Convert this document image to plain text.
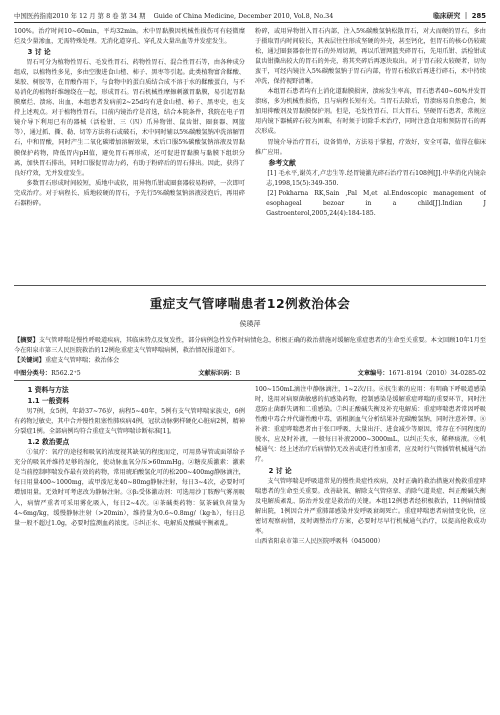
中国医药指南2010 年 12 月 第 8 卷 第 34 期 Guide of China Medicine, December 2010, Vol.8, No.34	临床研究 ｜ 285

100%。治疗时间10~60min，平均32min。术中胃黏膜因机械性损伤可有轻微糜烂及少量渗血，无需特殊处理。无消化道穿孔、穿孔及大量出血等并发症发生。

3 讨 论

胃石可分为植物性胃石、毛发性胃石、药物性胃石、混合性胃石等，由各种成分组成，以植物性多见，多由空腹进食山楂、柿子、黑枣等引起。此类植物富含鞣酸、果胶、树胶等，在胃酸作用下，与食物中的蛋白质结合成不溶于水的鞣酸蛋白，与不易消化的植物纤维缠绕在一起，形成胃石。胃石机械性摩擦刺激胃黏膜，易引起胃黏膜糜烂、溃疡、出血，本组患者发病前2~25d均有进食山楂、柿子、黑枣史，也支持上述观点。对于植物性胃石，目前内镜治疗是首选，结合本院条件，我院在电子胃镜介导下利用已有的器械（活检钳、三（四）爪异物钳、鼠齿钳、圈套器、网篮等），通过抓、撕、勒、切等方法将石或破石，术中同时辅以5%碳酸氢钠冲洗溶解胃石，中和胃酸，同时产生二氧化碳增加溶解效果，术后口服5%碳酸氢钠溶液及胃黏膜保护药物，降低胃内pH值，避免胃石再形成，还可促进胃黏膜与黏膜下组织分离，加快胃石排出，同时口服促胃动力药，有助于粉碎后的胃石排出。因此，获得了良好疗效，无并发症发生。

多数胃石形成时间较短，质地中或软，用异物爪钳或圈套器较易粉碎，一次即可完成治疗。对于病程长、质地较硬的胃石，予先行5%碳酸氢钠溶液浸泡后，再用碎石器粉碎。

粉碎，或用异物钳入胃石内部，注入5%碳酸氢钠松散胃石，对大而硬的胃石，多由于摄取胃内时间较长，其表层往往形成坚硬的外壳，甚至钙化，但胃石的核心仍较疏松，通过圈套器套住胃石的外周切割，再以爪钳网篮夹碎胃石，先用爪钳、活检钳或鼠齿钳撕出较大的胃石的外壳，将其夹碎后再逐块取出。对于胃石较大较硬者，切勿蛮干，可经内镜注入5%碳酸氢钠于胃石内部，待胃石松软后再进行碎石，术中持续冲洗，保持视野清晰。

本组胃石患者均有上消化道黏膜损害，溃疡发生率高，胃石患者40~60%并发胃溃疡，多为机械性损伤，且与病程长短有关。当胃石去除后，胃溃疡易自然愈合，须加用抑酸剂及胃黏膜保护剂。但是，毛发性胃石、巨大胃石、坚硬胃石患者，常规应用内镜下器械碎石较为困难，有时须于切除手术治疗，同时注意食用和预防胃石的再次形成。

胃镜介导治疗胃石，设备简单，方法易于掌握，疗效好，安全可靠，值得在临床推广应用。

参考文献

[1] 毛永平,谢英才,卢忠生等.经胃镜激光碎石治疗胃石108例[J].中华消化内镜杂志,1998,15(5):349-350.

[2] Pokharna RK,Sain ,Pal M,et al.Endoscopic management of esophageal bezoar in a child[J].Indian J Gastroenterol,2005,24(4):184-185.

重症支气管哮喘患者12例救治体会
侯瑛萍

【摘要】支气管哮喘是慢性呼吸道疾病，其临床特点及复发性，部分病例急性发作时病情危急，积极正确的救治措施对缓解危重症患者的生命至关重要。本文回顾10年1月至今在阳泉市第三人民医院救治的12例危重症支气管哮喘病例，救治情况报道如下。

【关键词】重症支气管哮喘；救治体会

中图分类号：R562.2⁺5	文献标识码：B	文章编号：1671-8194（2010）34-0285-02

1 资料与方法

1.1 一般资料

男7例，女5例，年龄37~76岁，病程5~40年，5例有支气管哮喘家族史，6例有药物过敏史，其中合并慢性阻塞性肺疾病4例，冠状动脉粥样硬化心脏病2例，精神分裂症1例。全部病例均符合重症支气管哮喘诊断标准[1]。

1.2 救治要点

①氧疗：氧疗的途径和吸氧的浓度视其缺氧的程度而定，可用鼻导管或面罩给予充分的吸氧并维持足够的湿化，使动脉血氧分压>60mmHg。②糖皮质激素：激素是当前控制哮喘发作最有效的药物，常用琥珀酸氢化可的松200~400mg静脉滴注，每日用量400~1000mg，或甲泼尼龙40~80mg静脉注射，每日3~4次，必要时可增加用量。无效时可考虑改为静脉注射。③β₂受体激动剂：可选用沙丁胺醇气雾剂吸入，病情严重者可采用雾化吸入，每日2~4次。④茶碱类药物：氨茶碱负荷量为4~6mg/kg，缓慢静脉注射（>20min），维持量为0.6~0.8mg/（kg·h），每日总量一般不超过1.0g，必要时监测血药浓度。⑤纠正水、电解质及酸碱平衡紊乱。

100~150mL滴注中静脉滴注，1~2次/日。⑥抗生素的应用：有明确下呼吸道感染时，选用对病原菌敏感的抗感染药物，控制感染是缓解重症哮喘的重要环节，同时注意防止菌群失调和二重感染。⑦纠正酸碱失衡及补充电解质：重症哮喘患者常因呼吸性酸中毒合并代谢性酸中毒，需根据血气分析结果补充碳酸氢钠，同时注意补钾。⑧补液：重症哮喘患者由于张口呼吸、大量出汗、进食减少等原因，常存在不同程度的脱水，应及时补液，一般每日补液2000~3000mL，以纠正失水，稀释痰液。⑨机械通气：经上述治疗后病情仍无改善或进行性加重者，应及时行气管插管机械通气治疗。

2 讨 论

支气管哮喘是呼吸道常见的慢性炎症性疾病，及时正确的救治措施对挽救重症哮喘患者的生命至关重要。改善缺氧、解除支气管痉挛、消除气道炎症、纠正酸碱失衡及电解质紊乱、防治并发症是救治的关键。本组12例患者经积极救治，11例病情缓解出院，1例因合并严重肺部感染并发呼吸衰竭死亡。重症哮喘患者病情变化快，应密切观察病情，及时调整治疗方案，必要时尽早行机械通气治疗，以提高抢救成功率。

山西省阳泉市第三人民医院呼吸科（045000）
